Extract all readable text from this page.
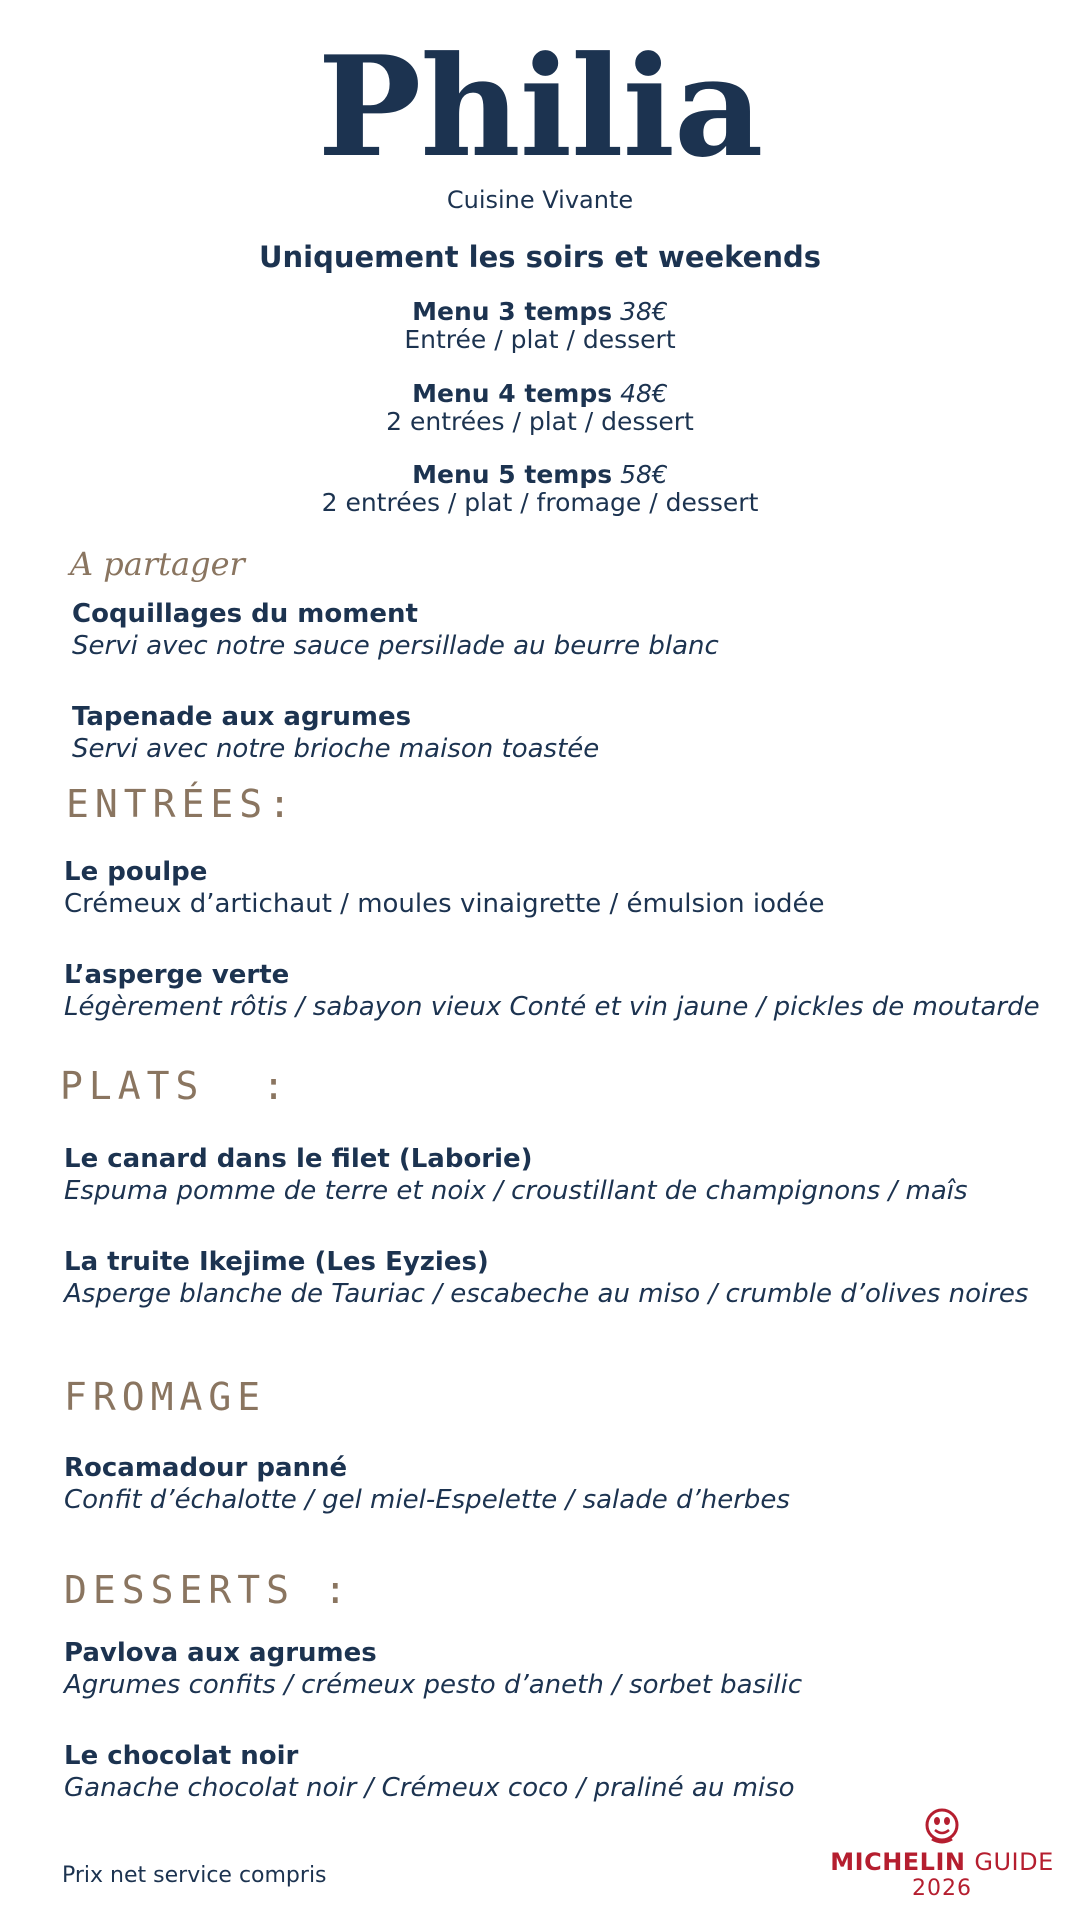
Philia
Cuisine Vivante
Uniquement les soirs et weekends
Menu 3 temps 38€
Entrée / plat / dessert
Menu 4 temps 48€
2 entrées / plat / dessert
Menu 5 temps 58€
2 entrées / plat / fromage / dessert
A partager
Coquillages du moment
Servi avec notre sauce persillade au beurre blanc
Tapenade aux agrumes
Servi avec notre brioche maison toastée
ENTRÉES:
Le poulpe
Crémeux d’artichaut / moules vinaigrette / émulsion iodée
L’asperge verte
Légèrement rôtis / sabayon vieux Conté et vin jaune / pickles de moutarde
PLATS  :
Le canard dans le filet (Laborie)
Espuma pomme de terre et noix / croustillant de champignons / maîs
La truite Ikejime (Les Eyzies)
Asperge blanche de Tauriac / escabeche au miso / crumble d’olives noires
FROMAGE
Rocamadour panné
Confit d’échalotte / gel miel-Espelette / salade d’herbes
DESSERTS :
Pavlova aux agrumes
Agrumes confits / crémeux pesto d’aneth / sorbet basilic
Le chocolat noir
Ganache chocolat noir / Crémeux coco / praliné au miso
Prix net service compris	MICHELIN GUIDE
2026
